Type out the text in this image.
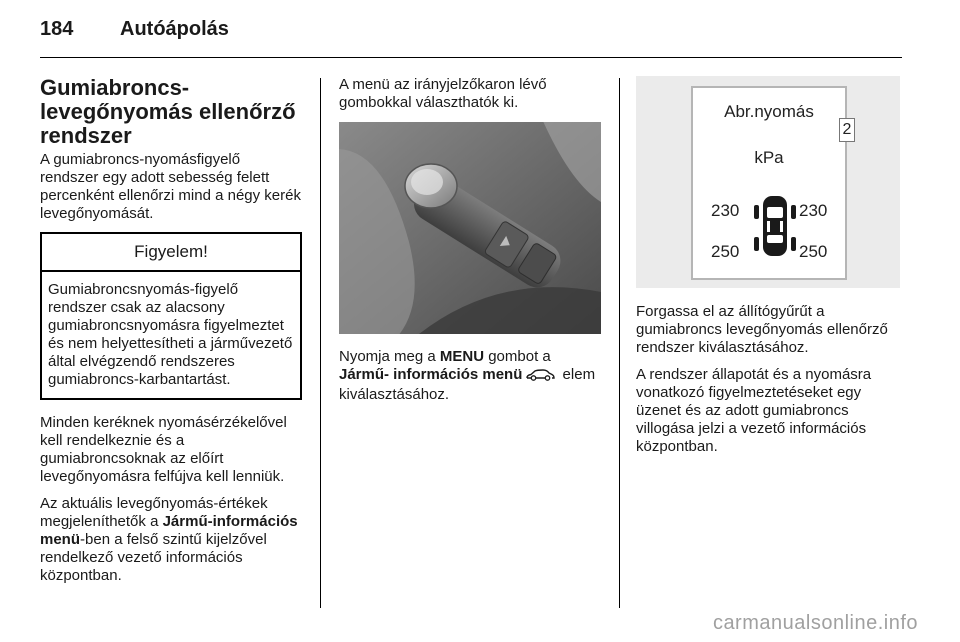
184 Autóápolás
Gumiabroncs-levegőnyomás ellenőrző rendszer

A gumiabroncs-nyomásfigyelő rendszer egy adott sebesség felett percenként ellenőrzi mind a négy kerék levegőnyomását.

Figyelem!
Gumiabroncsnyomás-figyelő rendszer csak az alacsony gumiabroncsnyomásra figyelmeztet és nem helyettesítheti a járművezető által elvégzendő rendszeres gumiabroncs-karbantartást.

Minden keréknek nyomásérzékelővel kell rendelkeznie és a gumiabroncsoknak az előírt levegőnyomásra felfújva kell lenniük.

Az aktuális levegőnyomás-értékek megjeleníthetők a Jármű-információs menü-ben a felső szintű kijelzővel rendelkező vezető információs központban.

A menü az irányjelzőkaron lévő gombokkal választhatók ki.

Nyomja meg a MENU gombot a
Jármű- információs menü elem kiválasztásához.

Abr.nyomás
kPa
230	230
250	250
2

Forgassa el az állítógyűrűt a gumiabroncs levegőnyomás ellenőrző rendszer kiválasztásához.

A rendszer állapotát és a nyomásra vonatkozó figyelmeztetéseket egy üzenet és az adott gumiabroncs villogása jelzi a vezető információs központban.

carmanualsonline.info
